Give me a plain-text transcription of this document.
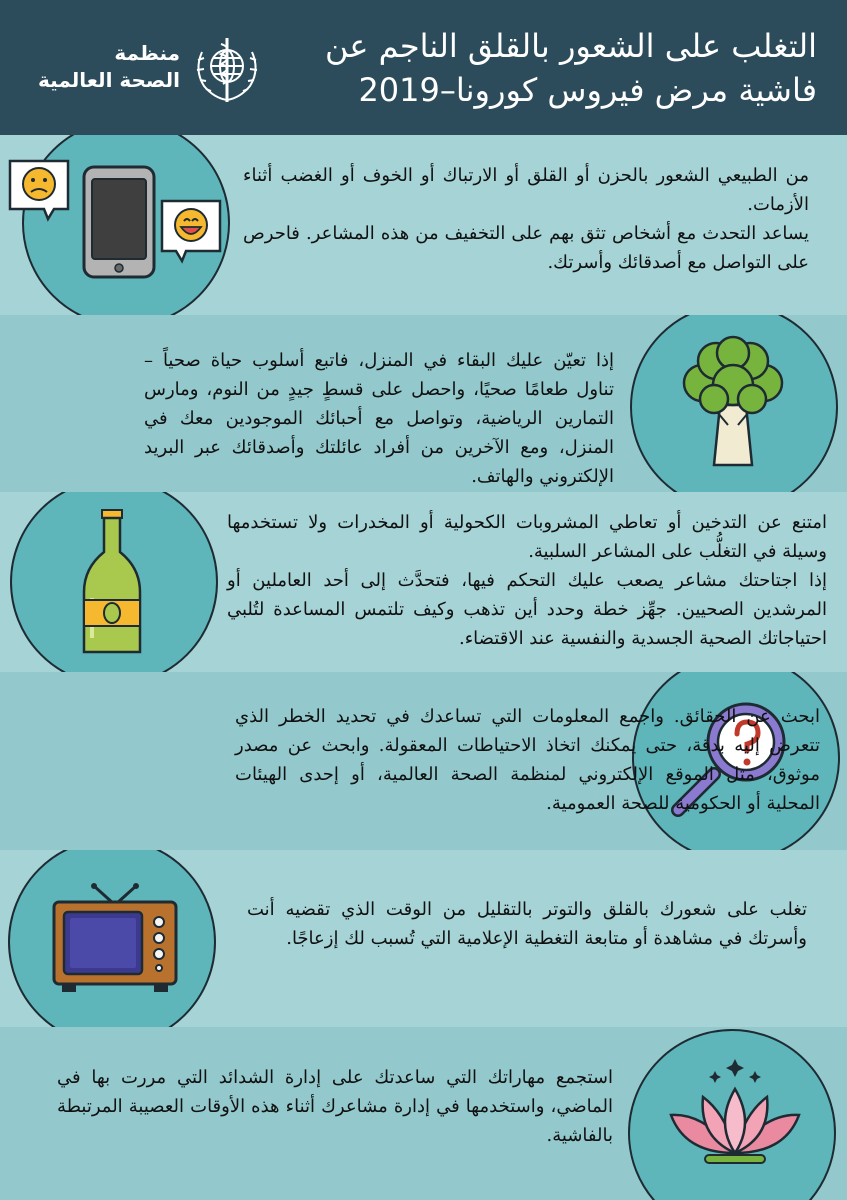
التغلب على الشعور بالقلق الناجم عن
فاشية مرض فيروس كورونا–2019
منظمة
الصحة العالمية

من الطبيعي الشعور بالحزن أو القلق أو الارتباك أو الخوف أو الغضب أثناء الأزمات.

يساعد التحدث مع أشخاص تثق بهم على التخفيف من هذه المشاعر. فاحرص على التواصل مع أصدقائك وأسرتك.

إذا تعيّن عليك البقاء في المنزل، فاتبع أسلوب حياة صحياً – تناول طعامًا صحيًا، واحصل على قسطٍ جيدٍ من النوم، ومارس التمارين الرياضية، وتواصل مع أحبائك الموجودين معك في المنزل، ومع الآخرين من أفراد عائلتك وأصدقائك عبر البريد الإلكتروني والهاتف.

امتنع عن التدخين أو تعاطي المشروبات الكحولية أو المخدرات ولا تستخدمها وسيلة في التغلُّب على المشاعر السلبية.

إذا اجتاحتك مشاعر يصعب عليك التحكم فيها، فتحدَّث إلى أحد العاملين أو المرشدين الصحيين. جهِّز خطة وحدد أين تذهب وكيف تلتمس المساعدة لتُلبي احتياجاتك الصحية الجسدية والنفسية عند الاقتضاء.

ابحث عن الحقائق. واجمع المعلومات التي تساعدك في تحديد الخطر الذي تتعرض إليه بدقة، حتى يمكنك اتخاذ الاحتياطات المعقولة. وابحث عن مصدر موثوق، مثل الموقع الإلكتروني لمنظمة الصحة العالمية، أو إحدى الهيئات المحلية أو الحكومية للصحة العمومية.

تغلب على شعورك بالقلق والتوتر بالتقليل من الوقت الذي تقضيه أنت وأسرتك في مشاهدة أو متابعة التغطية الإعلامية التي تُسبب لك إزعاجًا.

استجمع مهاراتك التي ساعدتك على إدارة الشدائد التي مررت بها في الماضي، واستخدمها في إدارة مشاعرك أثناء هذه الأوقات العصيبة المرتبطة بالفاشية.
